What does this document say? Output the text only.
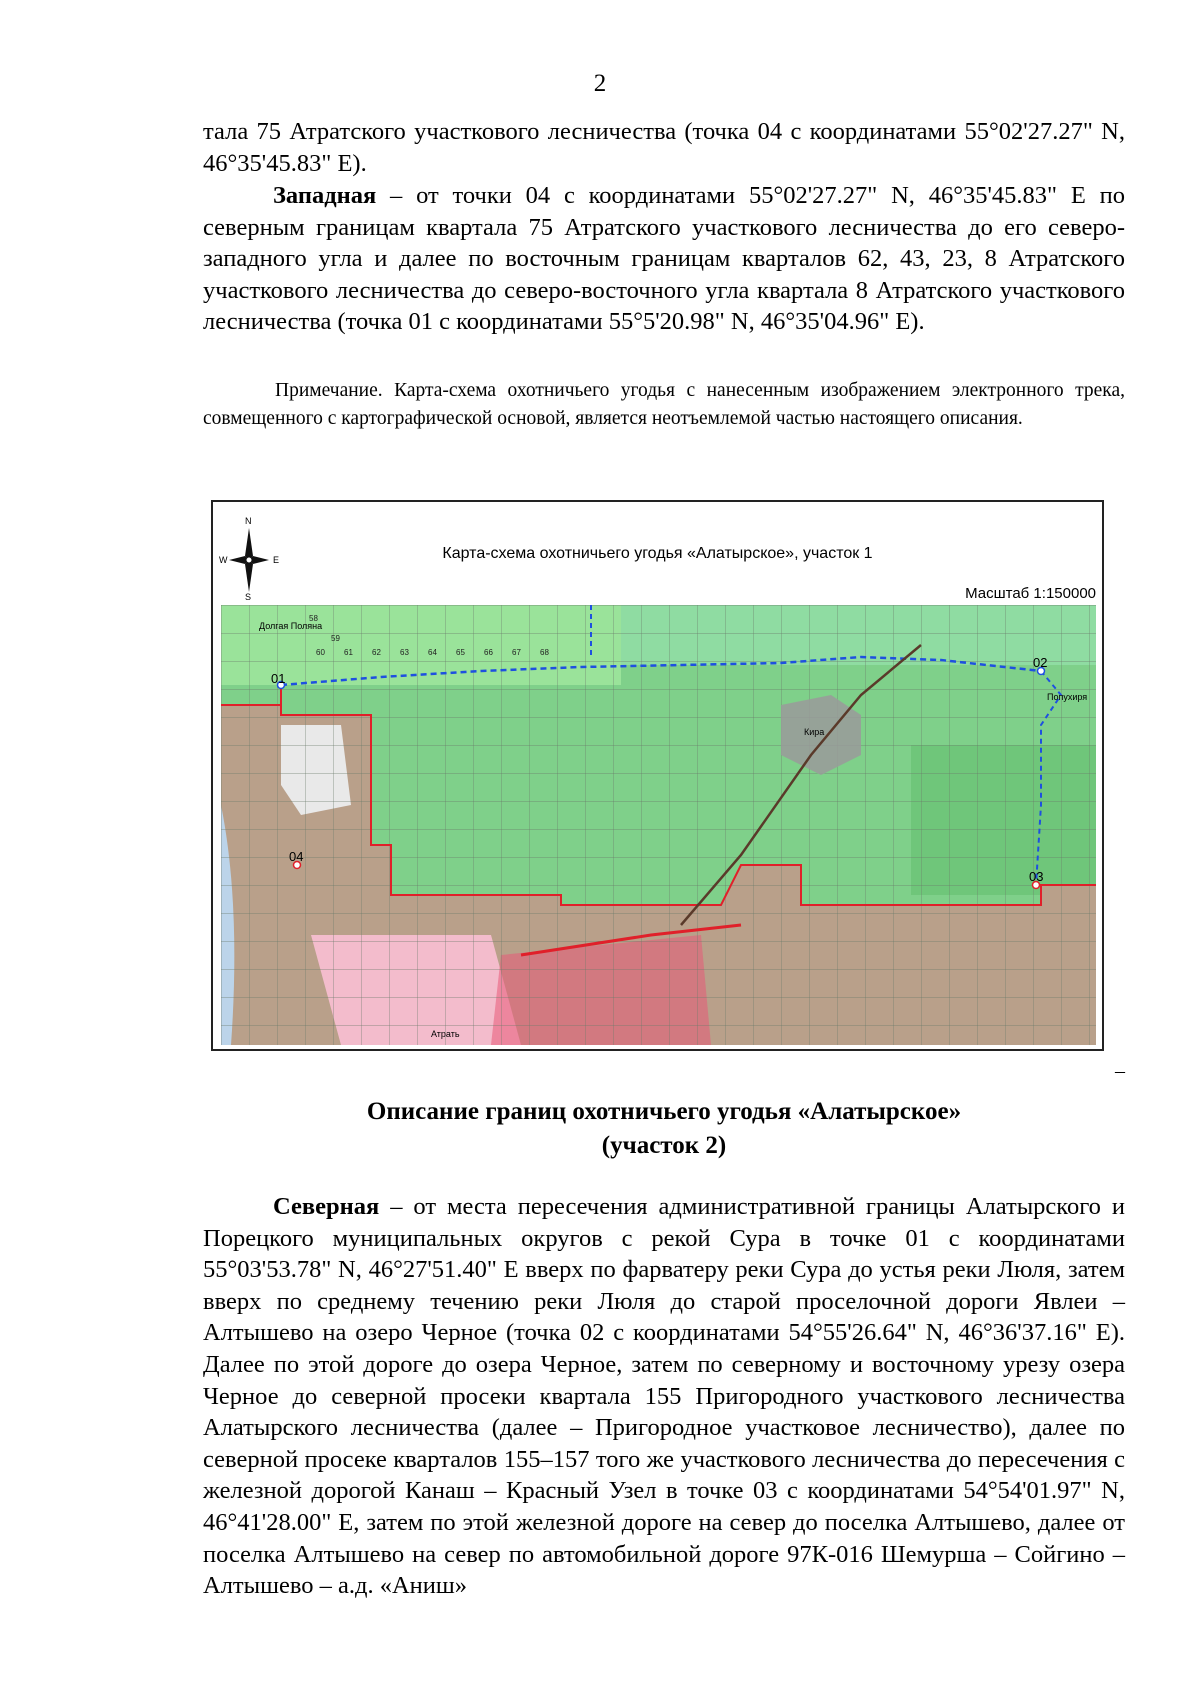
2

тала 75 Атратского участкового лесничества (точка 04 с координатами 55°02'27.27" N, 46°35'45.83" E).

Западная – от точки 04 с координатами 55°02'27.27" N, 46°35'45.83" E по северным границам квартала 75 Атратского участкового лесничества до его северо-западного угла и далее по восточным границам кварталов 62, 43, 23, 8 Атратского участкового лесничества до северо-восточного угла квартала 8 Атратского участкового лесничества (точка 01 с координатами 55°5'20.98" N, 46°35'04.96" E).

Примечание. Карта-схема охотничьего угодья с нанесенным изображением электронного трека, совмещенного с картографической основой, является неотъемлемой частью настоящего описания.

N
S
W	E	Карта-схема охотничьего угодья «Алатырское», участок 1
Масштаб 1:150000
01
02
03
04
Долгая Поляна
Кира
Попухиря
Атрать
58
59
60 61 62 63 64 65 66 67 68
–
Описание границ охотничьего угодья «Алатырское»
(участок 2)

Северная – от места пересечения административной границы Алатырского и Порецкого муниципальных округов с рекой Сура в точке 01 с координатами 55°03'53.78" N, 46°27'51.40" E вверх по фарватеру реки Сура до устья реки Люля, затем вверх по среднему течению реки Люля до старой проселочной дороги Явлеи – Алтышево на озеро Черное (точка 02 с координатами 54°55'26.64" N, 46°36'37.16" E). Далее по этой дороге до озера Черное, затем по северному и восточному урезу озера Черное до северной просеки квартала 155 Пригородного участкового лесничества Алатырского лесничества (далее – Пригородное участковое лесничество), далее по северной просеке кварталов 155–157 того же участкового лесничества до пересечения с железной дорогой Канаш – Красный Узел в точке 03 с координатами 54°54'01.97" N, 46°41'28.00" E, затем по этой железной дороге на север до поселка Алтышево, далее от поселка Алтышево на север по автомобильной дороге 97К-016 Шемурша – Сойгино – Алтышево – а.д. «Аниш»
